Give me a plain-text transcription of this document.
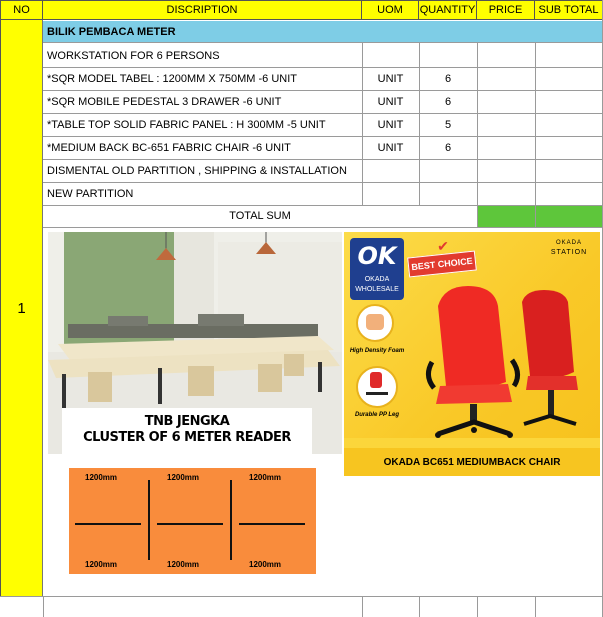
NO	DISCRIPTION	UOM	QUANTITY	PRICE	SUB TOTAL
1
BILIK PEMBACA METER
WORKSTATION FOR 6 PERSONS
*SQR MODEL TABEL : 1200MM X 750MM -6 UNIT	UNIT	6
*SQR MOBILE PEDESTAL 3 DRAWER -6 UNIT	UNIT	6
*TABLE TOP SOLID FABRIC PANEL : H 300MM -5 UNIT	UNIT	5
*MEDIUM BACK BC-651 FABRIC CHAIR -6 UNIT	UNIT	6
DISMENTAL OLD PARTITION , SHIPPING & INSTALLATION
NEW PARTITION
TOTAL SUM
TNB JENGKA
CLUSTER OF 6 METER READER
1200mm	1200mm	1200mm
1200mm	1200mm	1200mm
OK
OKADA
WHOLESALE
BEST CHOICE
✔	OKADA
STATION
High Density Foam
Durable PP Leg
OKADA BC651 MEDIUMBACK CHAIR
